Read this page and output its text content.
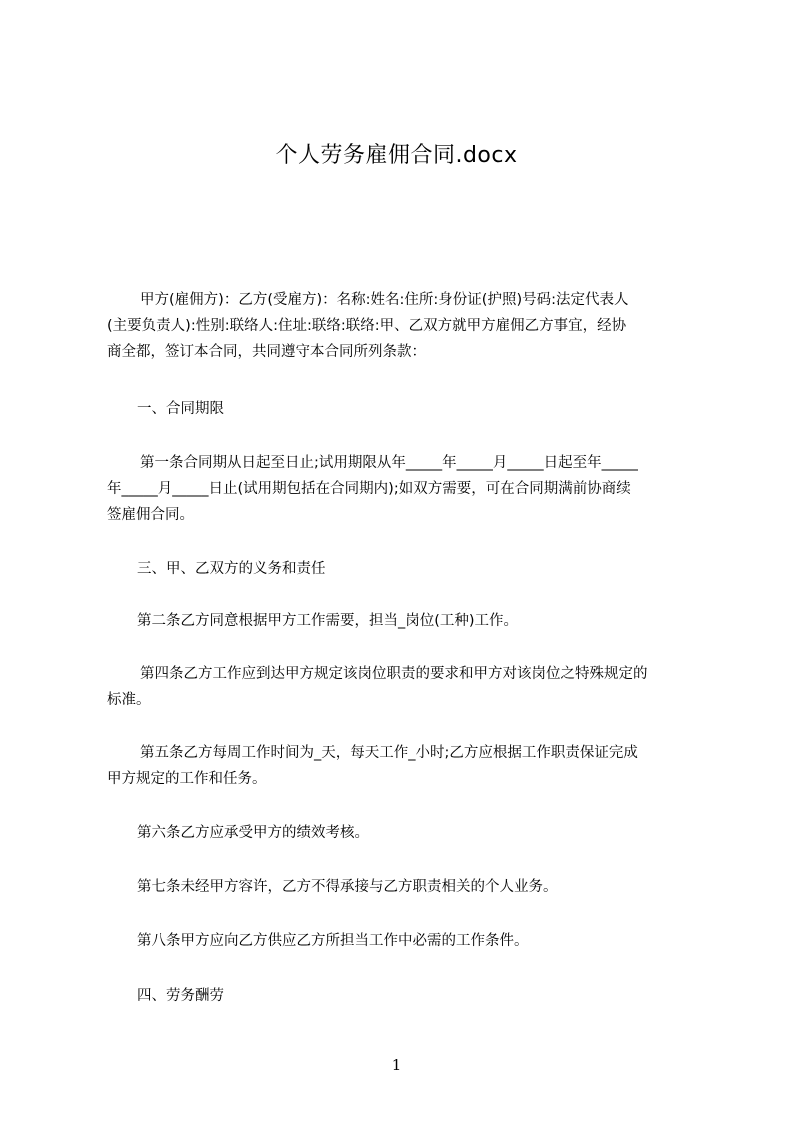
个人劳务雇佣合同.docx
甲方(雇佣方)：乙方(受雇方)：名称:姓名:住所:身份证(护照)号码:法定代表人
(主要负责人):性别:联络人:住址:联络:联络:甲、乙双方就甲方雇佣乙方事宜，经协
商全都，签订本合同，共同遵守本合同所列条款：
一、合同期限
第一条合同期从日起至日止;试用期限从年_____年_____月_____日起至年_____
年_____月_____日止(试用期包括在合同期内);如双方需要，可在合同期满前协商续
签雇佣合同。
三、甲、乙双方的义务和责任
第二条乙方同意根据甲方工作需要，担当_岗位(工种)工作。
第四条乙方工作应到达甲方规定该岗位职责的要求和甲方对该岗位之特殊规定的
标准。
第五条乙方每周工作时间为_天，每天工作_小时;乙方应根据工作职责保证完成
甲方规定的工作和任务。
第六条乙方应承受甲方的绩效考核。
第七条未经甲方容许，乙方不得承接与乙方职责相关的个人业务。
第八条甲方应向乙方供应乙方所担当工作中必需的工作条件。
四、劳务酬劳
1
